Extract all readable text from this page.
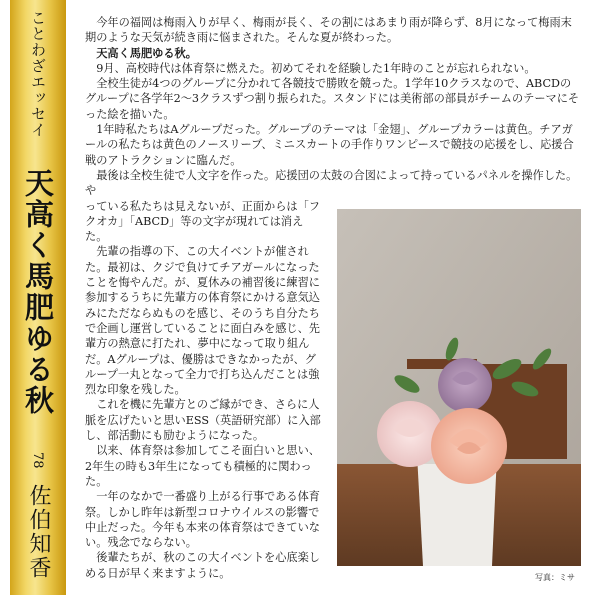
ことわざエッセイ
天高く馬肥ゆる秋
78
佐伯知香

今年の福岡は梅雨入りが早く、梅雨が長く、その割にはあまり雨が降らず、8月になって梅雨末期のような天気が続き雨に悩まされた。そんな夏が終わった。

天高く馬肥ゆる秋。

9月、高校時代は体育祭に燃えた。初めてそれを経験した1年時のことが忘れられない。

全校生徒が4つのグループに分かれて各競技で勝敗を競った。1学年10クラスなので、ABCDのグループに各学年2〜3クラスずつ割り振られた。スタンドには美術部の部員がチームのテーマにそった絵を描いた。

1年時私たちはAグループだった。グループのテーマは「金翅」、グループカラーは黄色。チアガールの私たちは黄色のノースリーブ、ミニスカートの手作りワンピースで競技の応援をし、応援合戦のアトラクションに臨んだ。

最後は全校生徒で人文字を作った。応援団の太鼓の合図によって持っているパネルを操作した。や

っている私たちは見えないが、正面からは「フクオカ」「ABCD」等の文字が現れては消えた。

先輩の指導の下、この大イベントが催された。最初は、クジで負けてチアガールになったことを悔やんだ。が、夏休みの補習後に練習に参加するうちに先輩方の体育祭にかける意気込みにただならぬものを感じ、そのうち自分たちで企画し運営していることに面白みを感じ、先輩方の熱意に打たれ、夢中になって取り組んだ。Aグループは、優勝はできなかったが、グループ一丸となって全力で打ち込んだことは強烈な印象を残した。

これを機に先輩方とのご縁ができ、さらに人脈を広げたいと思いESS（英語研究部）に入部し、部活動にも励むようになった。

以来、体育祭は参加してこそ面白いと思い、2年生の時も3年生になっても積極的に関わった。

一年のなかで一番盛り上がる行事である体育祭。しかし昨年は新型コロナウイルスの影響で中止だった。今年も本来の体育祭はできていない。残念でならない。

後輩たちが、秋のこの大イベントを心底楽しめる日が早く来ますように。	写真：ミサ
